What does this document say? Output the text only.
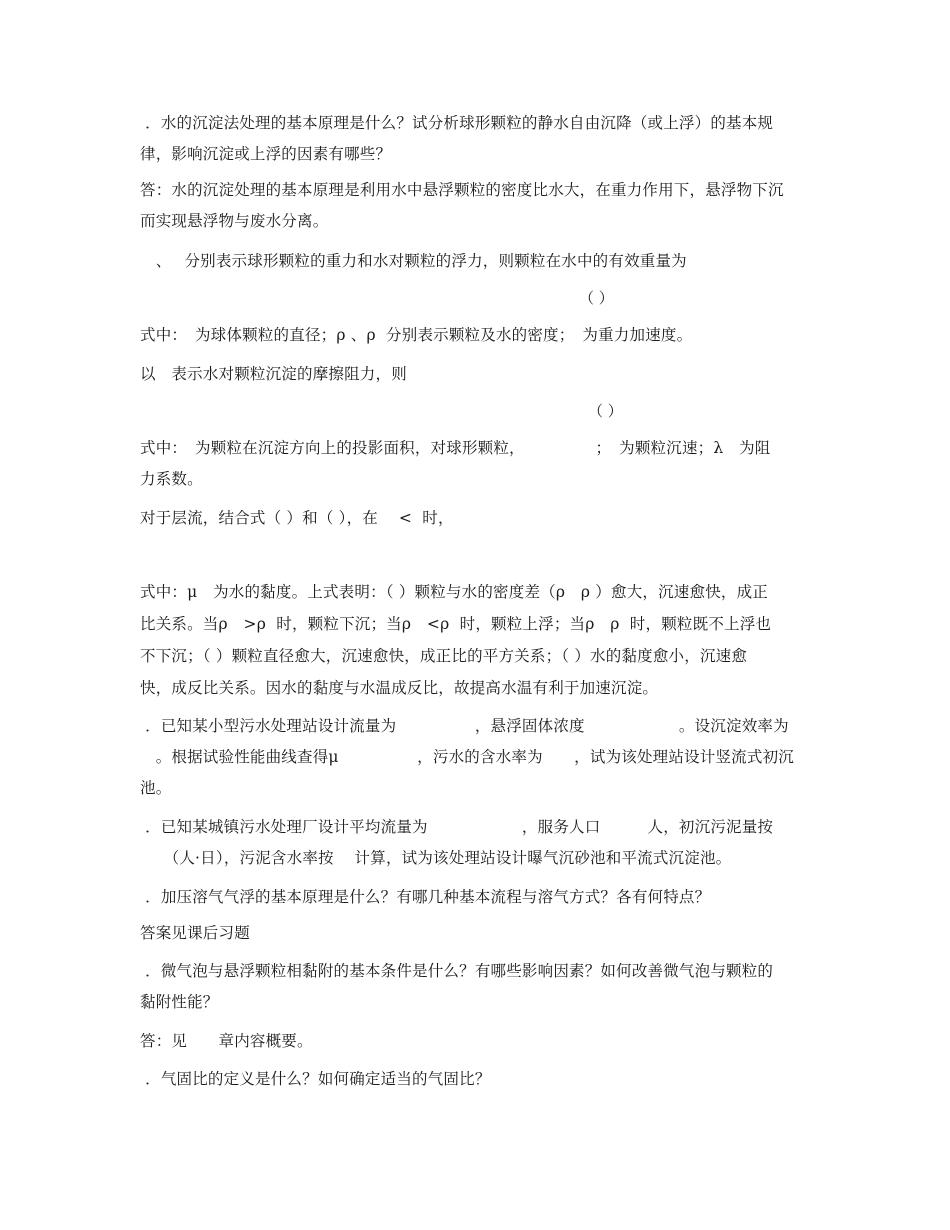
．水的沉淀法处理的基本原理是什么？试分析球形颗粒的静水自由沉降（或上浮）的基本规
律，影响沉淀或上浮的因素有哪些？
答：水的沉淀处理的基本原理是利用水中悬浮颗粒的密度比水大，在重力作用下，悬浮物下沉
而实现悬浮物与废水分离。
　、　 分别表示球形颗粒的重力和水对颗粒的浮力，则颗粒在水中的有效重量为
（ ）
式中：　为球体颗粒的直径；ρ 、ρ  分别表示颗粒及水的密度；　为重力加速度。
以　表示水对颗粒沉淀的摩擦阻力，则
（ ）
式中：　为颗粒在沉淀方向上的投影面积，对球形颗粒，　　　　　；　为颗粒沉速；λ　为阻
力系数。
对于层流，结合式（ ）和（ ），在　 <  时，
式中：μ　为水的黏度。上式表明：（ ）颗粒与水的密度差（ρ　ρ ）愈大，沉速愈快，成正
比关系。当ρ　>ρ  时，颗粒下沉；当ρ　<ρ  时，颗粒上浮；当ρ　ρ  时，颗粒既不上浮也
不下沉；（ ）颗粒直径愈大，沉速愈快，成正比的平方关系；（ ）水的黏度愈小，沉速愈
快，成反比关系。因水的黏度与水温成反比，故提高水温有利于加速沉淀。
．已知某小型污水处理站设计流量为　　　　　，悬浮固体浓度　　　　　　。设沉淀效率为
　。根据试验性能曲线查得μ　　　　　，污水的含水率为　　，试为该处理站设计竖流式初沉
池。
．已知某城镇污水处理厂设计平均流量为　　　　　　，服务人口　　　人，初沉污泥量按
　　（人·日），污泥含水率按　 计算，试为该处理站设计曝气沉砂池和平流式沉淀池。
．加压溶气气浮的基本原理是什么？有哪几种基本流程与溶气方式？各有何特点？
答案见课后习题
．微气泡与悬浮颗粒相黏附的基本条件是什么？有哪些影响因素？如何改善微气泡与颗粒的
黏附性能？
答：见　　章内容概要。
．气固比的定义是什么？如何确定适当的气固比？
